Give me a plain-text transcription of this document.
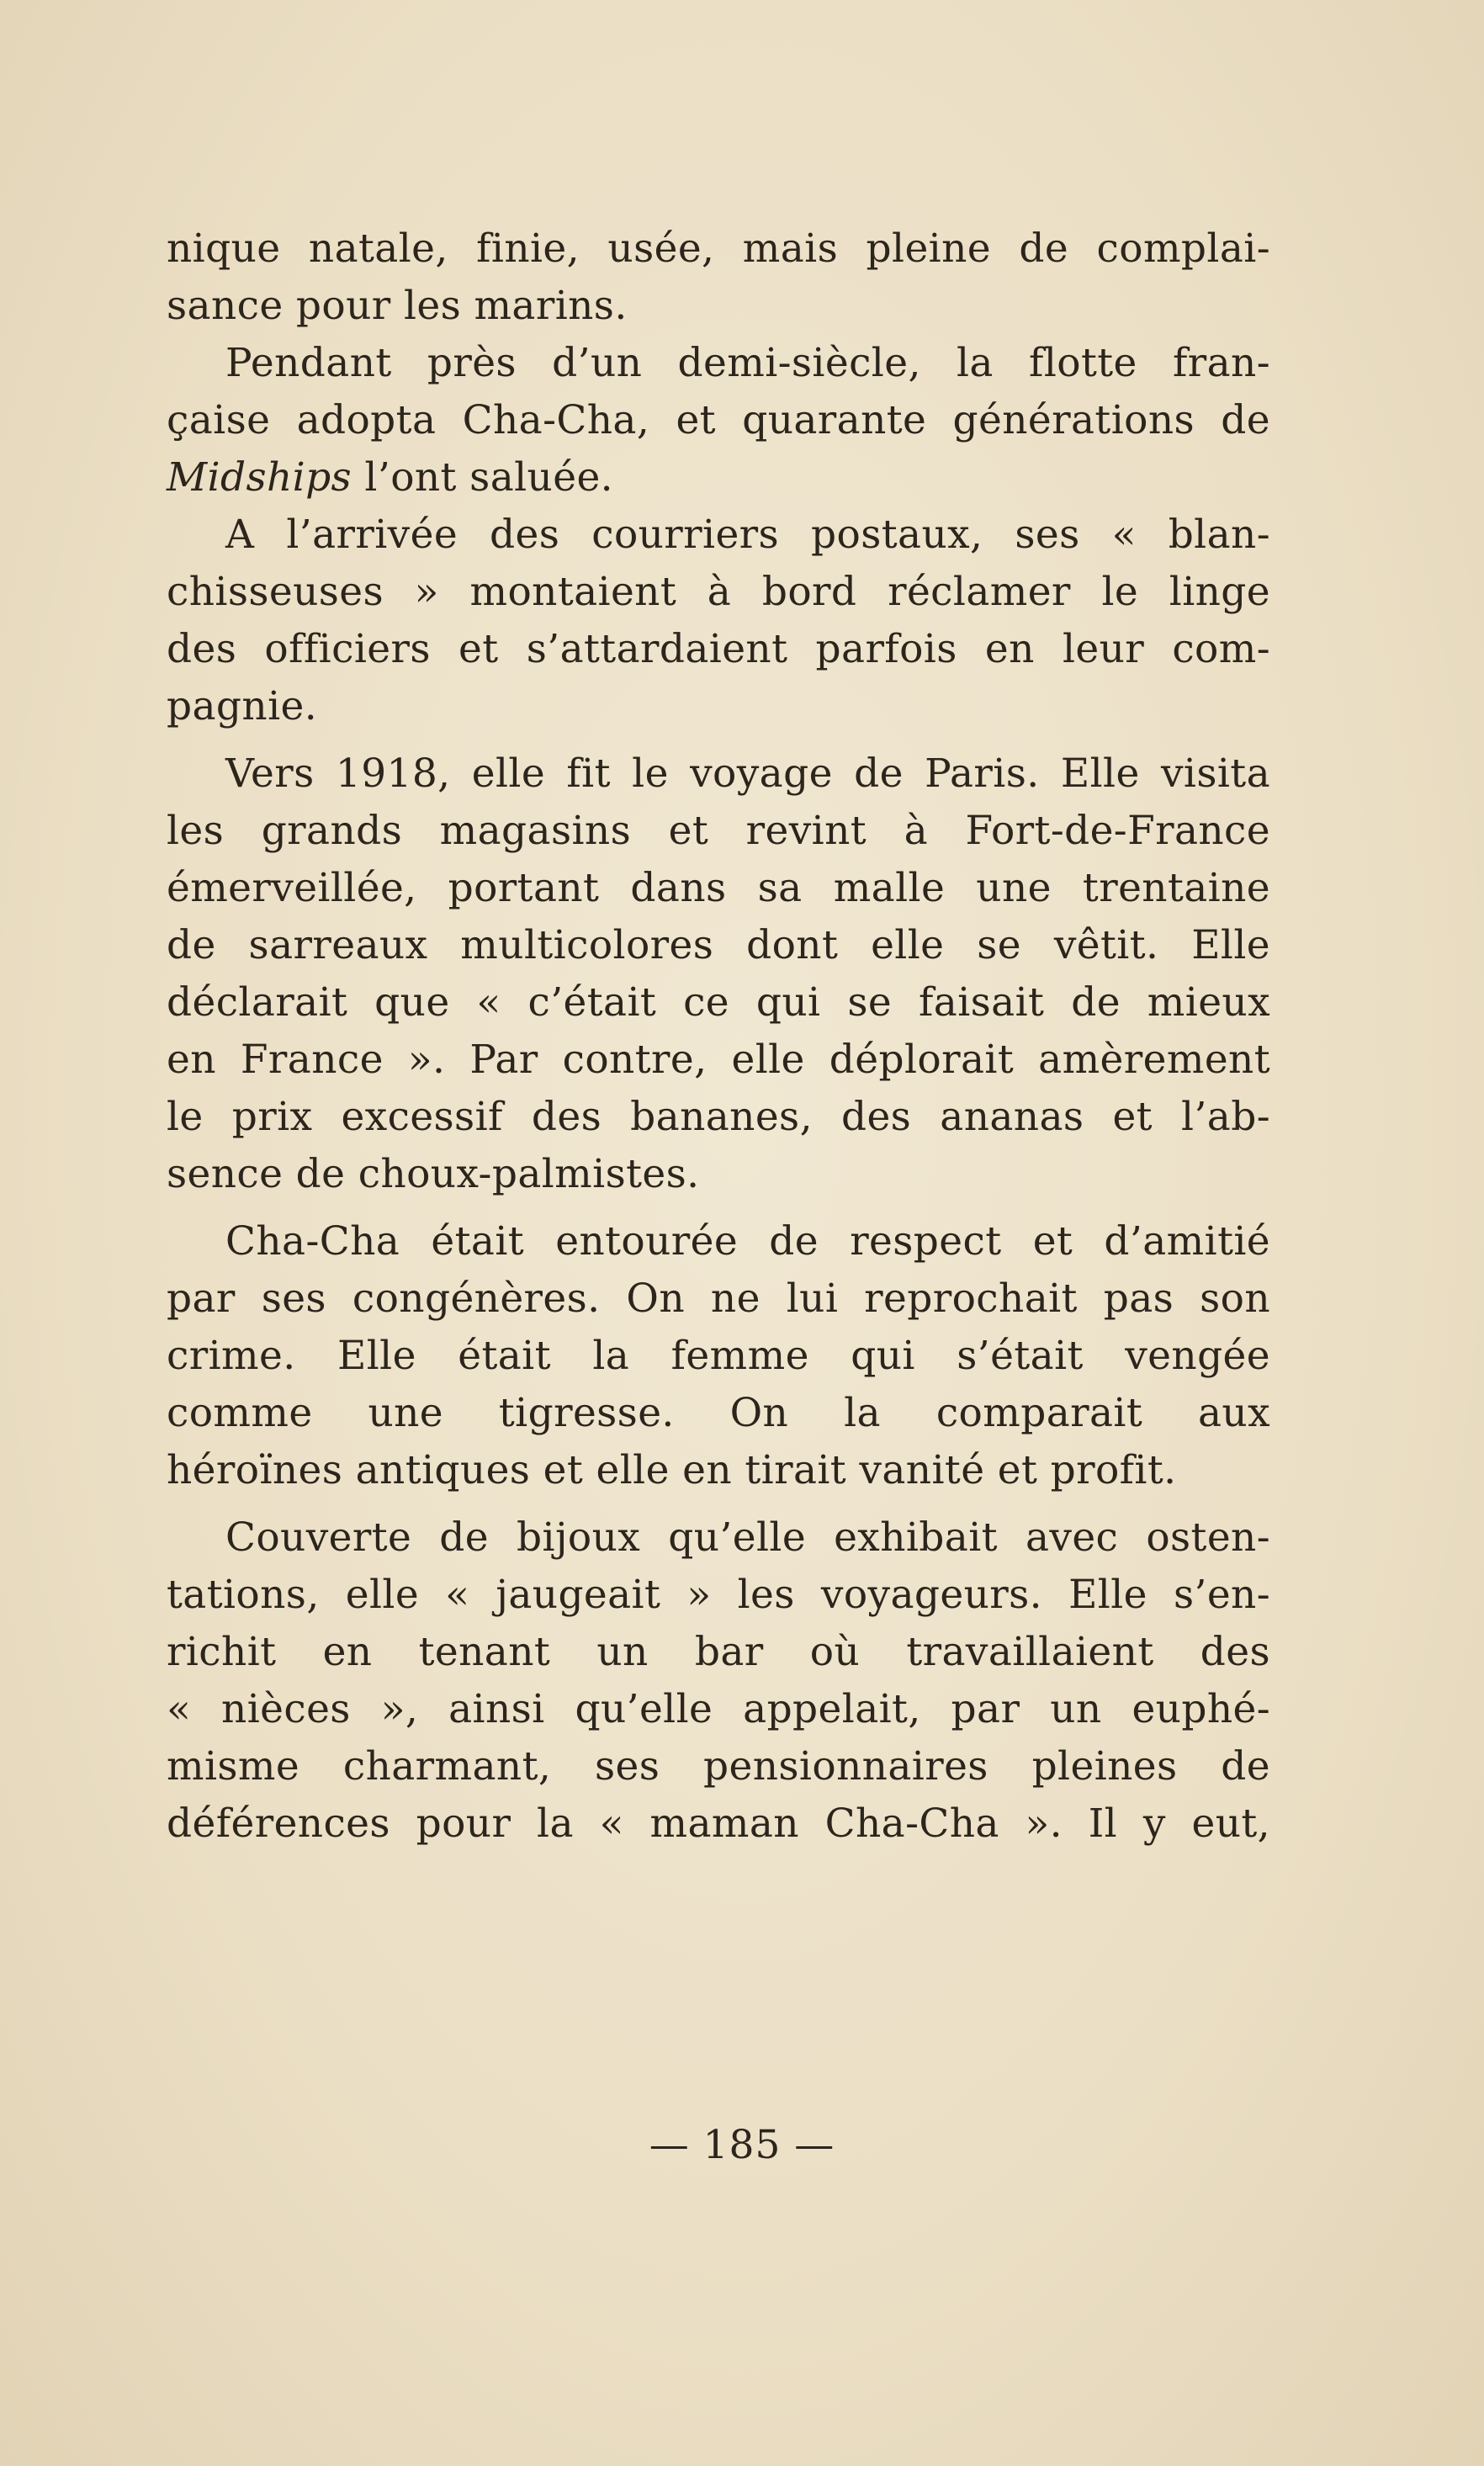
nique natale, finie, usée, mais pleine de complai-
sance pour les marins.
Pendant près d’un demi-siècle, la flotte fran-
çaise adopta Cha-Cha, et quarante générations de
Midships l’ont saluée.
A l’arrivée des courriers postaux, ses « blan-
chisseuses » montaient à bord réclamer le linge
des officiers et s’attardaient parfois en leur com-
pagnie.
Vers 1918, elle fit le voyage de Paris. Elle visita
les grands magasins et revint à Fort-de-France
émerveillée, portant dans sa malle une trentaine
de sarreaux multicolores dont elle se vêtit. Elle
déclarait que « c’était ce qui se faisait de mieux
en France ». Par contre, elle déplorait amèrement
le prix excessif des bananes, des ananas et l’ab-
sence de choux-palmistes.
Cha-Cha était entourée de respect et d’amitié
par ses congénères. On ne lui reprochait pas son
crime. Elle était la femme qui s’était vengée
comme une tigresse. On la comparait aux
héroïnes antiques et elle en tirait vanité et profit.
Couverte de bijoux qu’elle exhibait avec osten-
tations, elle « jaugeait » les voyageurs. Elle s’en-
richit en tenant un bar où travaillaient des
« nièces », ainsi qu’elle appelait, par un euphé-
misme charmant, ses pensionnaires pleines de
déférences pour la « maman Cha-Cha ». Il y eut,
— 185 —
